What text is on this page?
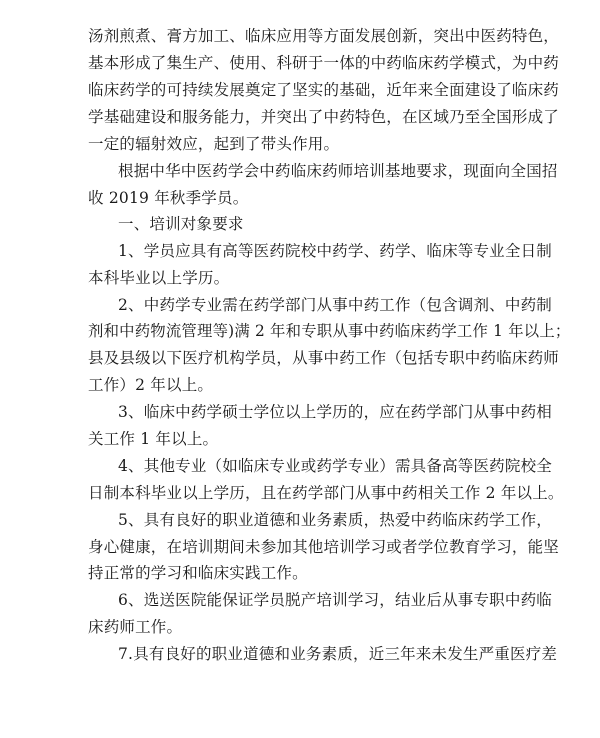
汤剂煎煮、膏方加工、临床应用等方面发展创新，突出中医药特色，
基本形成了集生产、使用、科研于一体的中药临床药学模式，为中药
临床药学的可持续发展奠定了坚实的基础，近年来全面建设了临床药
学基础建设和服务能力，并突出了中药特色，在区域乃至全国形成了
一定的辐射效应，起到了带头作用。
根据中华中医药学会中药临床药师培训基地要求，现面向全国招
收 2019 年秋季学员。
一、培训对象要求
1、学员应具有高等医药院校中药学、药学、临床等专业全日制
本科毕业以上学历。
2、中药学专业需在药学部门从事中药工作（包含调剂、中药制
剂和中药物流管理等)满 2 年和专职从事中药临床药学工作 1 年以上；
县及县级以下医疗机构学员，从事中药工作（包括专职中药临床药师
工作）2 年以上。
3、临床中药学硕士学位以上学历的，应在药学部门从事中药相
关工作 1 年以上。
4、其他专业（如临床专业或药学专业）需具备高等医药院校全
日制本科毕业以上学历，且在药学部门从事中药相关工作 2 年以上。
5、具有良好的职业道德和业务素质，热爱中药临床药学工作，
身心健康，在培训期间未参加其他培训学习或者学位教育学习，能坚
持正常的学习和临床实践工作。
6、选送医院能保证学员脱产培训学习，结业后从事专职中药临
床药师工作。
7.具有良好的职业道德和业务素质，近三年来未发生严重医疗差
